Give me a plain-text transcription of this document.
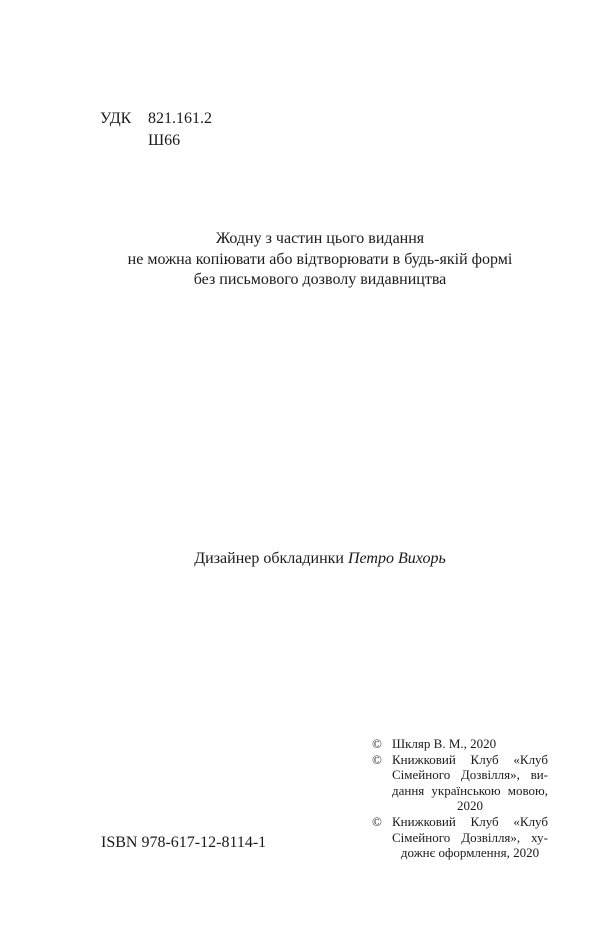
УДК	821.161.2
Ш66
Жодну з частин цього видання
не можна копіювати або відтворювати в будь-якій формі
без письмового дозволу видавництва
Дизайнер обкладинки Петро Вихорь
© Шкляр В. М., 2020
© Книжковий Клуб «Клуб
Сімейного Дозвілля», ви-
дання українською мовою,
2020
© Книжковий Клуб «Клуб
Сімейного Дозвілля», ху-
дожнє оформлення, 2020
ISBN 978-617-12-8114-1
